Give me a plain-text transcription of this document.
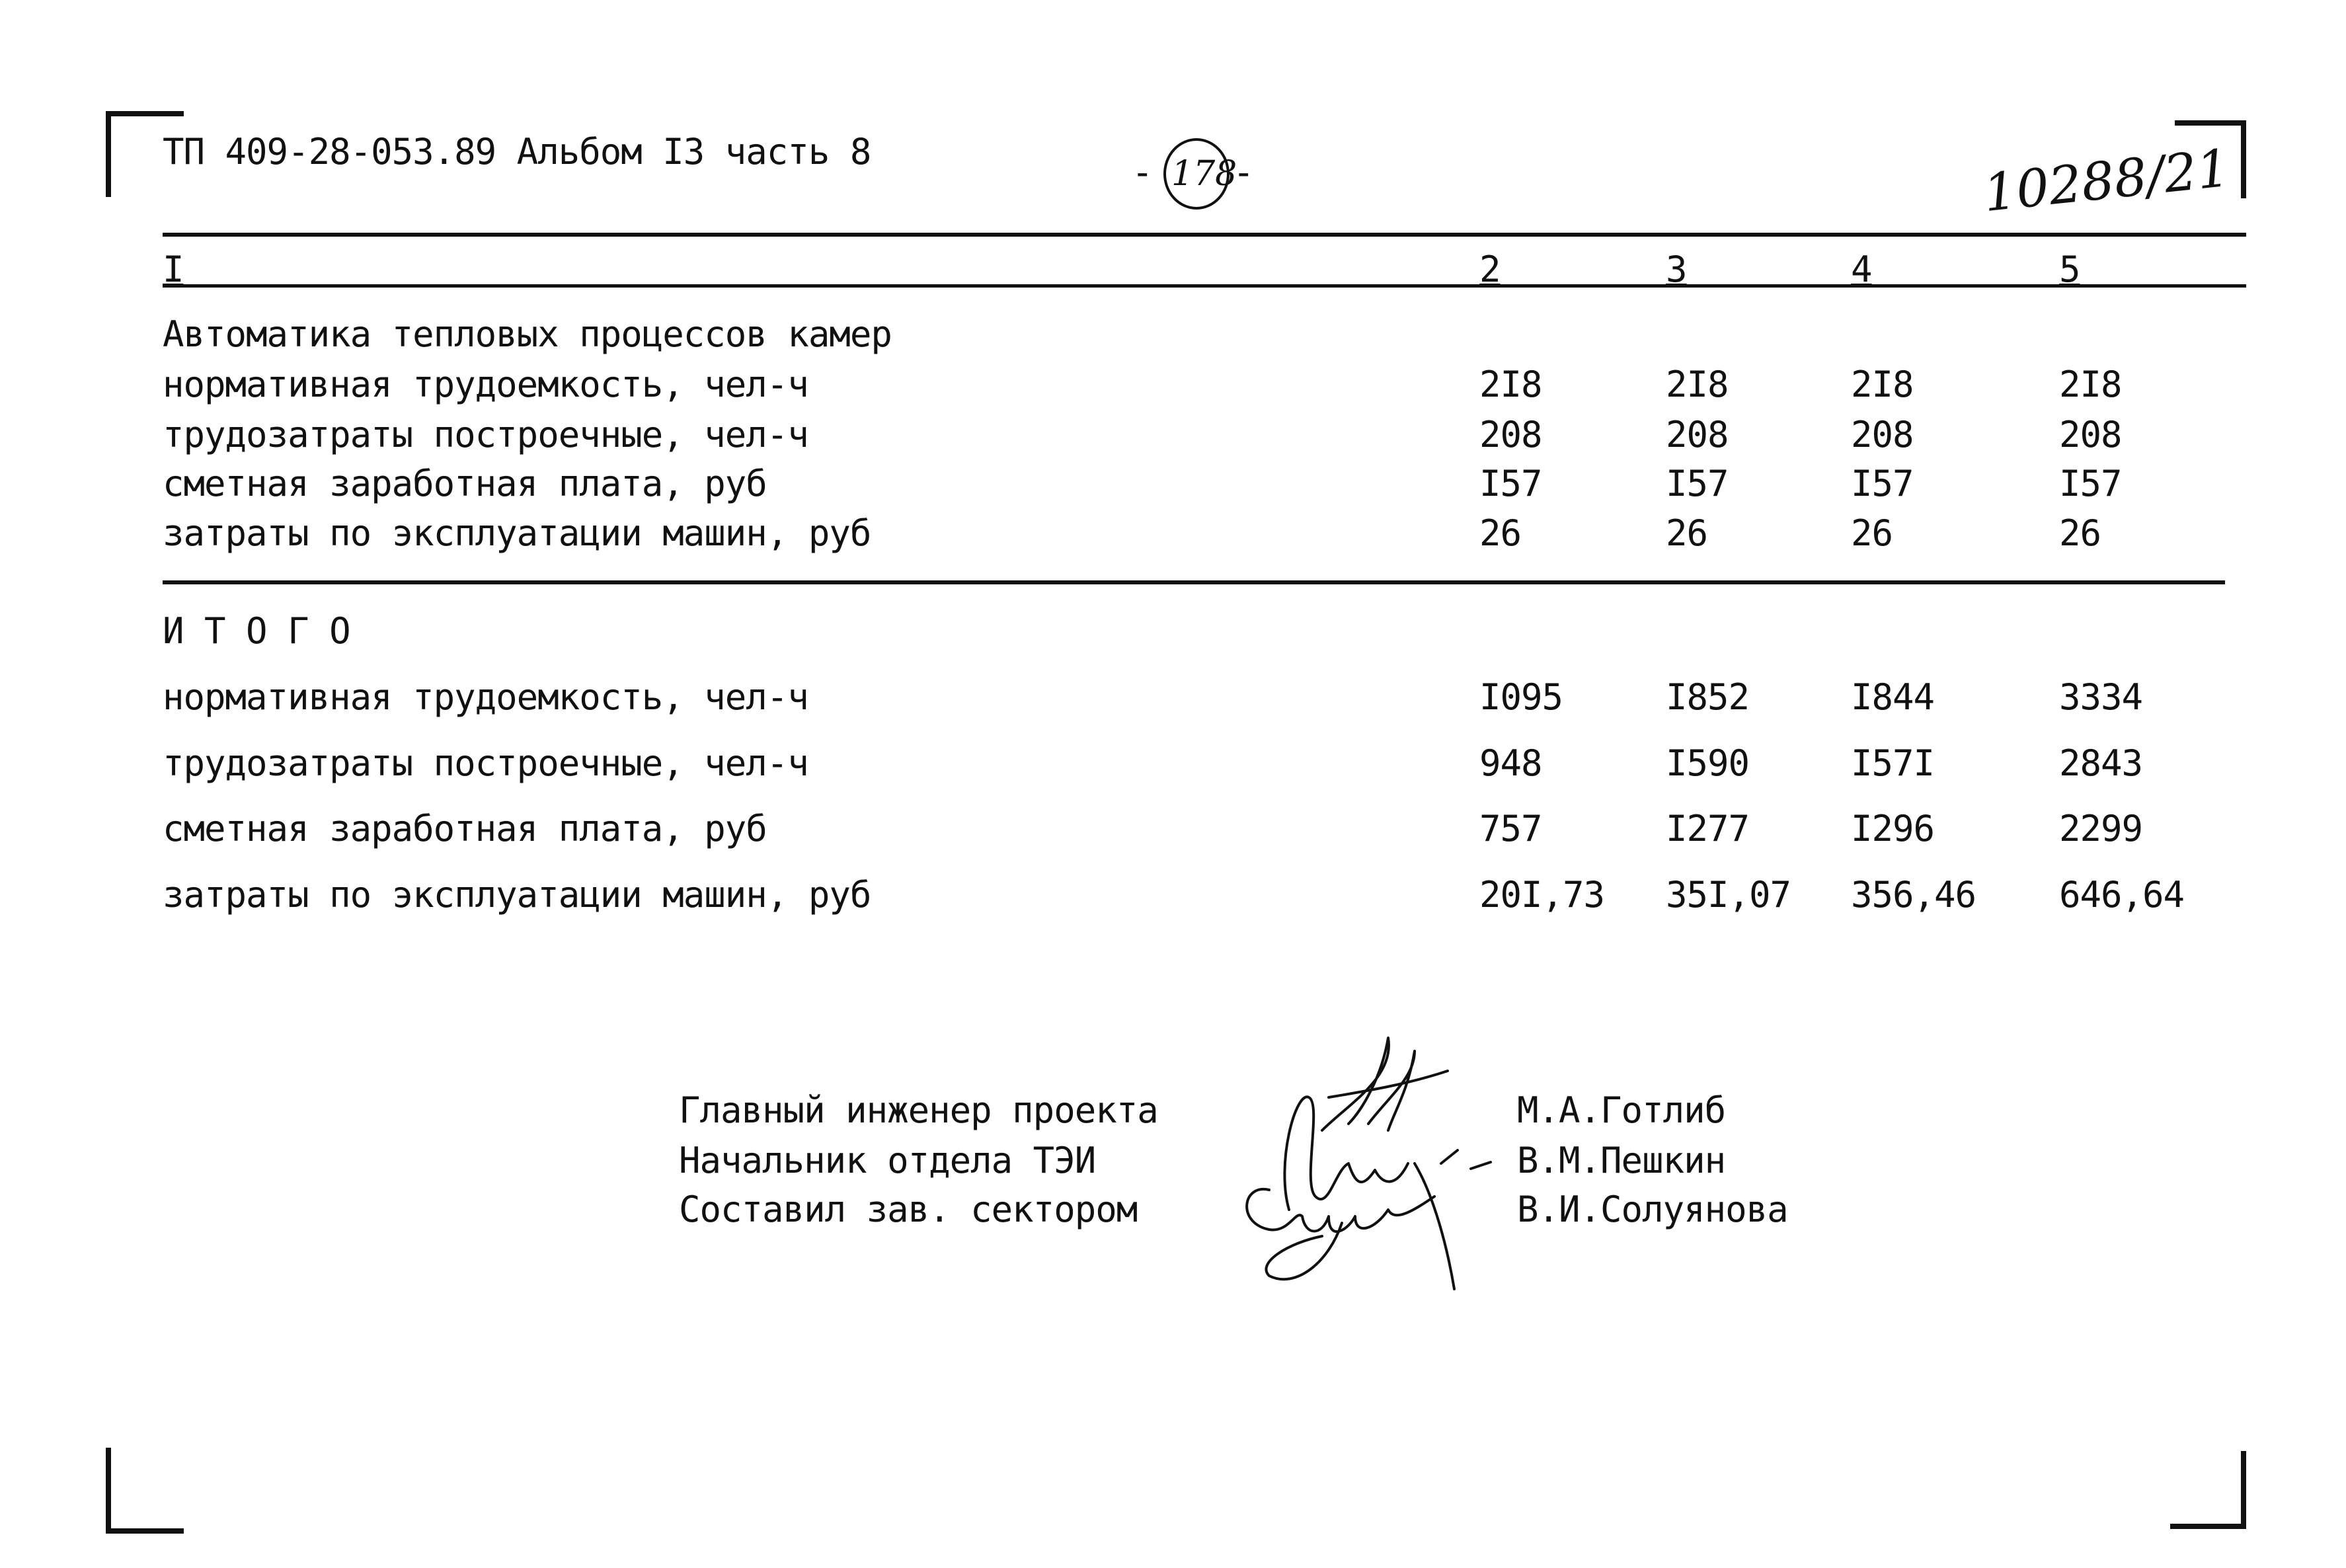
ТП 409-28-053.89 Альбом I3 часть 8	- 178
-	10288/21
I	2	3	4	5
Автоматика тепловых процессов камер
нормативная трудоемкость, чел-ч	2I8	2I8	2I8	2I8
трудозатраты построечные, чел-ч	208	208	208	208
сметная заработная плата, руб	I57	I57	I57	I57
затраты по эксплуатации машин, руб	26	26	26	26
И Т О Г О
нормативная трудоемкость, чел-ч	I095	I852	I844	3334
трудозатраты построечные, чел-ч	948	I590	I57I	2843
сметная заработная плата, руб	757	I277	I296	2299
затраты по эксплуатации машин, руб	20I,73 35I,07 356,46 646,64
Главный инженер проекта
Начальник отдела ТЭИ
Составил зав. сектором
М.А.Готлиб
В.М.Пешкин
В.И.Солуянова
